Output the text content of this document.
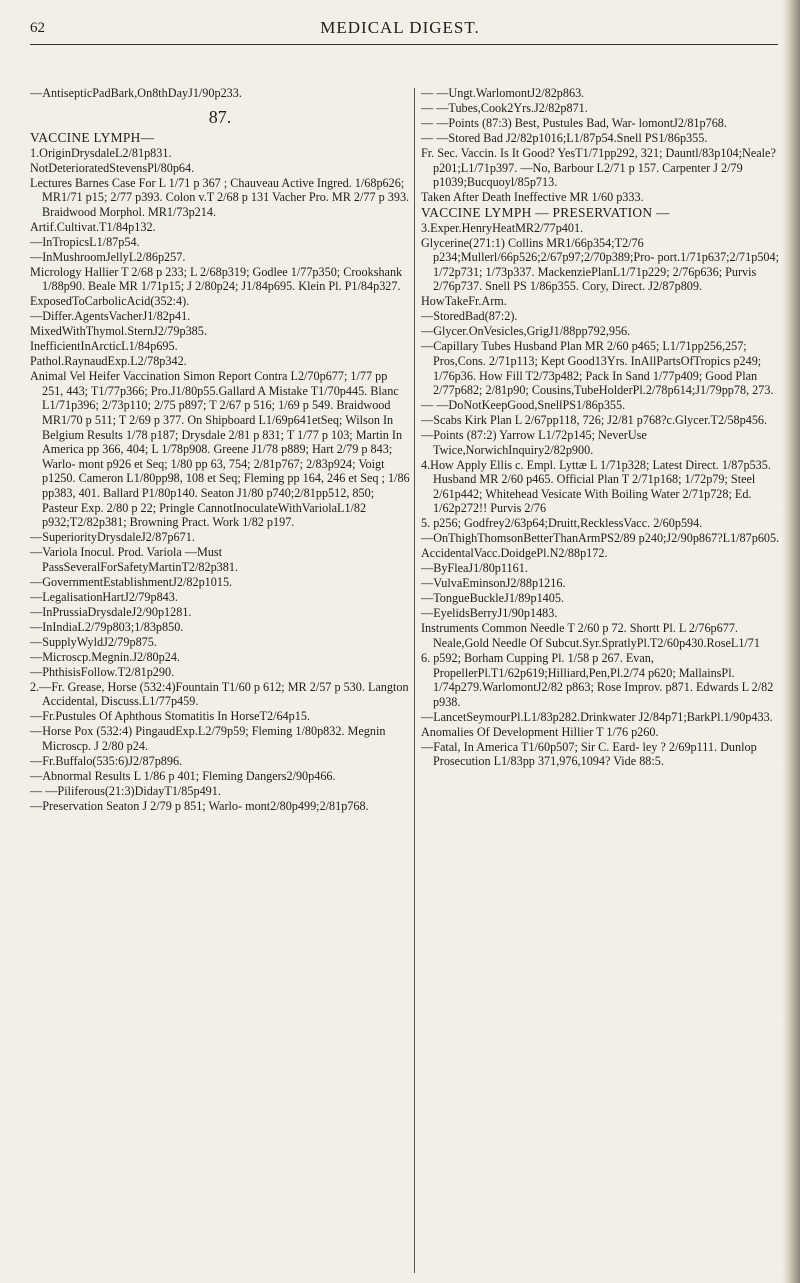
62	MEDICAL DIGEST.
—AntisepticPadBark,On8thDayJ1/90p233.
87.
VACCINE LYMPH—
1.OriginDrysdaleL2/81p831.
NotDeterioratedStevensPl/80p64.
Lectures Barnes Case For L 1/71 p 367 ; Chauveau Active Ingred. 1/68p626; MR1/71 p15; 2/77 p393. Colon v.T 2/68 p 131 Vacher Pro. MR 2/77 p 393. Braidwood Morphol. MR1/73p214.
Artif.Cultivat.T1/84p132.
—InTropicsL1/87p54.
—InMushroomJellyL2/86p257.
Micrology Hallier T 2/68 p 233; L 2/68p319; Godlee 1/77p350; Crookshank 1/88p90. Beale MR 1/71p15; J 2/80p24; J1/84p695. Klein Pl. P1/84p327.
ExposedToCarbolicAcid(352:4).
—Differ.AgentsVacherJ1/82p41.
MixedWithThymol.SternJ2/79p385.
InefficientInArcticL1/84p695.
Pathol.RaynaudExp.L2/78p342.
Animal Vel Heifer Vaccination Simon Report Contra L2/70p677; 1/77 pp 251, 443; T1/77p366; Pro.J1/80p55.Gallard A Mistake T1/70p445. Blanc L1/71p396; 2/73p110; 2/75 p897; T 2/67 p 516; 1/69 p 549. Braidwood MR1/70 p 511; T 2/69 p 377. On Shipboard L1/69p641etSeq; Wilson In Belgium Results 1/78 p187; Drysdale 2/81 p 831; T 1/77 p 103; Martin In America pp 366, 404; L 1/78p908. Greene J1/78 p889; Hart 2/79 p 843; Warlo- mont p926 et Seq; 1/80 pp 63, 754; 2/81p767; 2/83p924; Voigt p1250. Cameron L1/80pp98, 108 et Seq; Fleming pp 164, 246 et Seq ; 1/86 pp383, 401. Ballard P1/80p140. Seaton J1/80 p740;2/81pp512, 850; Pasteur Exp. 2/80 p 22; Pringle CannotInoculateWithVariolaL1/82 p932;T2/82p381; Browning Pract. Work 1/82 p197.
—SuperiorityDrysdaleJ2/87p671.
—Variola Inocul. Prod. Variola —Must PassSeveralForSafetyMartinT2/82p381.
—GovernmentEstablishmentJ2/82p1015.
—LegalisationHartJ2/79p843.
—InPrussiaDrysdaleJ2/90p1281.
—InIndiaL2/79p803;1/83p850.
—SupplyWyldJ2/79p875.
—Microscp.Megnin.J2/80p24.
—PhthisisFollow.T2/81p290.
2.—Fr. Grease, Horse (532:4)Fountain T1/60 p 612; MR 2/57 p 530. Langton Accidental, Discuss.L1/77p459.
—Fr.Pustules Of Aphthous Stomatitis In HorseT2/64p15.
—Horse Pox (532:4) PingaudExp.L2/79p59; Fleming 1/80p832. Megnin Microscp. J 2/80 p24.
—Fr.Buffalo(535:6)J2/87p896.
—Abnormal Results L 1/86 p 401; Fleming Dangers2/90p466.
— —Piliferous(21:3)DidayT1/85p491.
—Preservation Seaton J 2/79 p 851; Warlo- mont2/80p499;2/81p768.
— —Ungt.WarlomontJ2/82p863.
— —Tubes,Cook2Yrs.J2/82p871.
— —Points (87:3) Best, Pustules Bad, War- lomontJ2/81p768.
— —Stored Bad J2/82p1016;L1/87p54.Snell PS1/86p355.
Fr. Sec. Vaccin. Is It Good? YesT1/71pp292, 321; Dauntl/83p104;Neale?p201;L1/71p397. —No, Barbour L2/71 p 157. Carpenter J 2/79 p1039;Bucquoyl/85p713.
Taken After Death Ineffective MR 1/60 p333.
VACCINE LYMPH — PRESERVATION —
3.Exper.HenryHeatMR2/77p401.
Glycerine(271:1) Collins MR1/66p354;T2/76 p234;Mullerl/66p526;2/67p97;2/70p389;Pro- port.1/71p637;2/71p504; 1/72p731; 1/73p337. MackenziePlanL1/71p229; 2/76p636; Purvis 2/76p737. Snell PS 1/86p355. Cory, Direct. J2/87p809.
HowTakeFr.Arm.
—StoredBad(87:2).
—Glycer.OnVesicles,GrigJ1/88pp792,956.
—Capillary Tubes Husband Plan MR 2/60 p465; L1/71pp256,257; Pros,Cons. 2/71p113; Kept Good13Yrs. InAllPartsOfTropics p249; 1/76p36. How Fill T2/73p482; Pack In Sand 1/77p409; Good Plan 2/77p682; 2/81p90; Cousins,TubeHolderPl.2/78p614;J1/79pp78, 273.
— —DoNotKeepGood,SnellPS1/86p355.
—Scabs Kirk Plan L 2/67pp118, 726; J2/81 p768?c.Glycer.T2/58p456.
—Points (87:2) Yarrow L1/72p145; NeverUse Twice,NorwichInquiry2/82p900.
4.How Apply Ellis c. Empl. Lyttæ L 1/71p328; Latest Direct. 1/87p535. Husband MR 2/60 p465. Official Plan T 2/71p168; 1/72p79; Steel 2/61p442; Whitehead Vesicate With Boiling Water 2/71p728; Ed. 1/62p272!! Purvis 2/76
5. p256; Godfrey2/63p64;Druitt,RecklessVacc. 2/60p594.
—OnThighThomsonBetterThanArmPS2/89 p240;J2/90p867?L1/87p605.
AccidentalVacc.DoidgePl.N2/88p172.
—ByFleaJ1/80p1161.
—VulvaEminsonJ2/88p1216.
—TongueBuckleJ1/89p1405.
—EyelidsBerryJ1/90p1483.
Instruments Common Needle T 2/60 p 72. Shortt Pl. L 2/76p677. Neale,Gold Needle Of Subcut.Syr.SpratlyPl.T2/60p430.RoseL1/71
6. p592; Borham Cupping Pl. 1/58 p 267. Evan, PropellerPl.T1/62p619;Hilliard,Pen,Pl.2/74 p620; MallainsPl. 1/74p279.WarlomontJ2/82 p863; Rose Improv. p871. Edwards L 2/82 p938.
—LancetSeymourPl.L1/83p282.Drinkwater J2/84p71;BarkPl.1/90p433.
Anomalies Of Development Hillier T 1/76 p260.
—Fatal, In America T1/60p507; Sir C. Eard- ley ? 2/69p111. Dunlop Prosecution L1/83pp 371,976,1094? Vide 88:5.
